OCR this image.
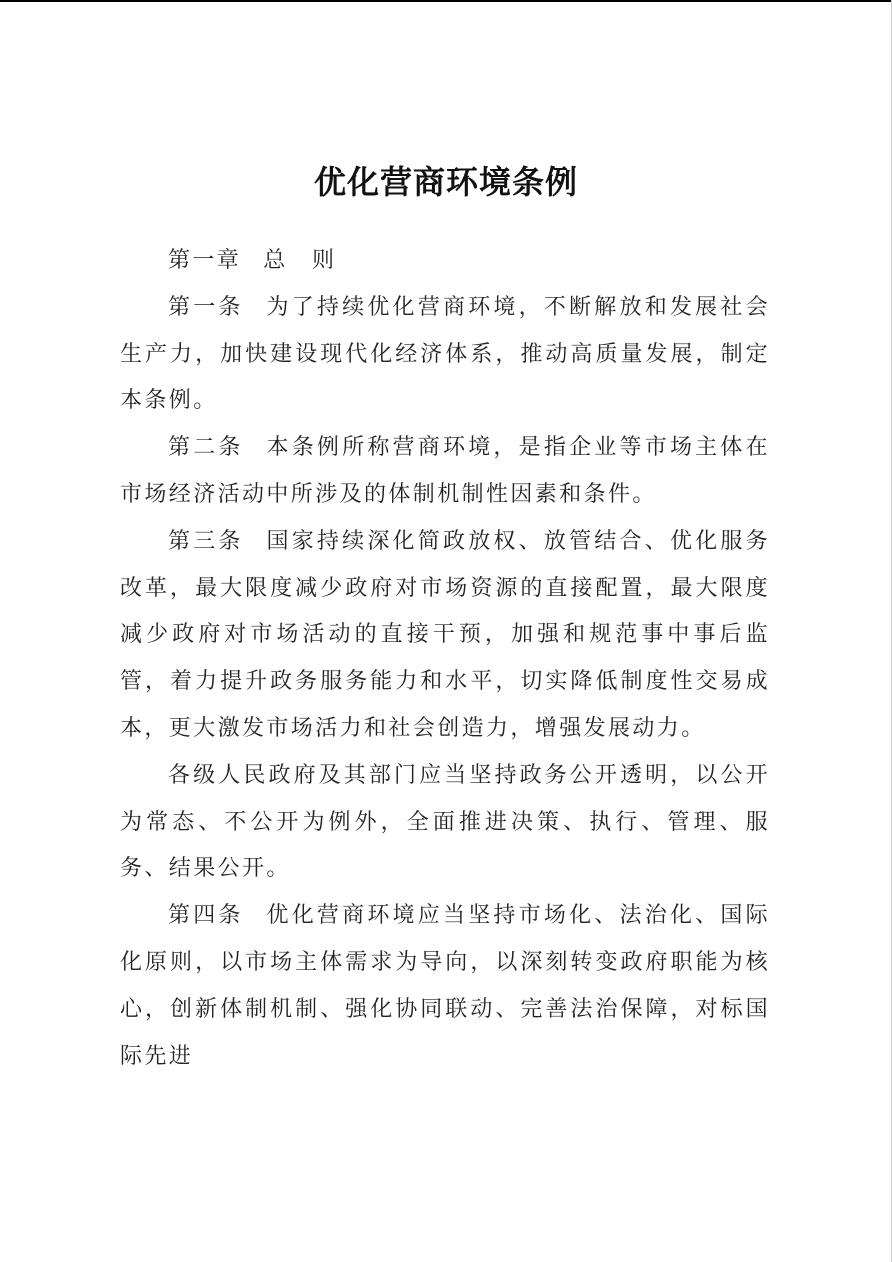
优化营商环境条例

第一章 总　则

第一条 为了持续优化营商环境，不断解放和发展社会生产力，加快建设现代化经济体系，推动高质量发展，制定本条例。

第二条 本条例所称营商环境，是指企业等市场主体在市场经济活动中所涉及的体制机制性因素和条件。

第三条 国家持续深化简政放权、放管结合、优化服务改革，最大限度减少政府对市场资源的直接配置，最大限度减少政府对市场活动的直接干预，加强和规范事中事后监管，着力提升政务服务能力和水平，切实降低制度性交易成本，更大激发市场活力和社会创造力，增强发展动力。

各级人民政府及其部门应当坚持政务公开透明，以公开为常态、不公开为例外，全面推进决策、执行、管理、服务、结果公开。

第四条 优化营商环境应当坚持市场化、法治化、国际化原则，以市场主体需求为导向，以深刻转变政府职能为核心，创新体制机制、强化协同联动、完善法治保障，对标国际先进
